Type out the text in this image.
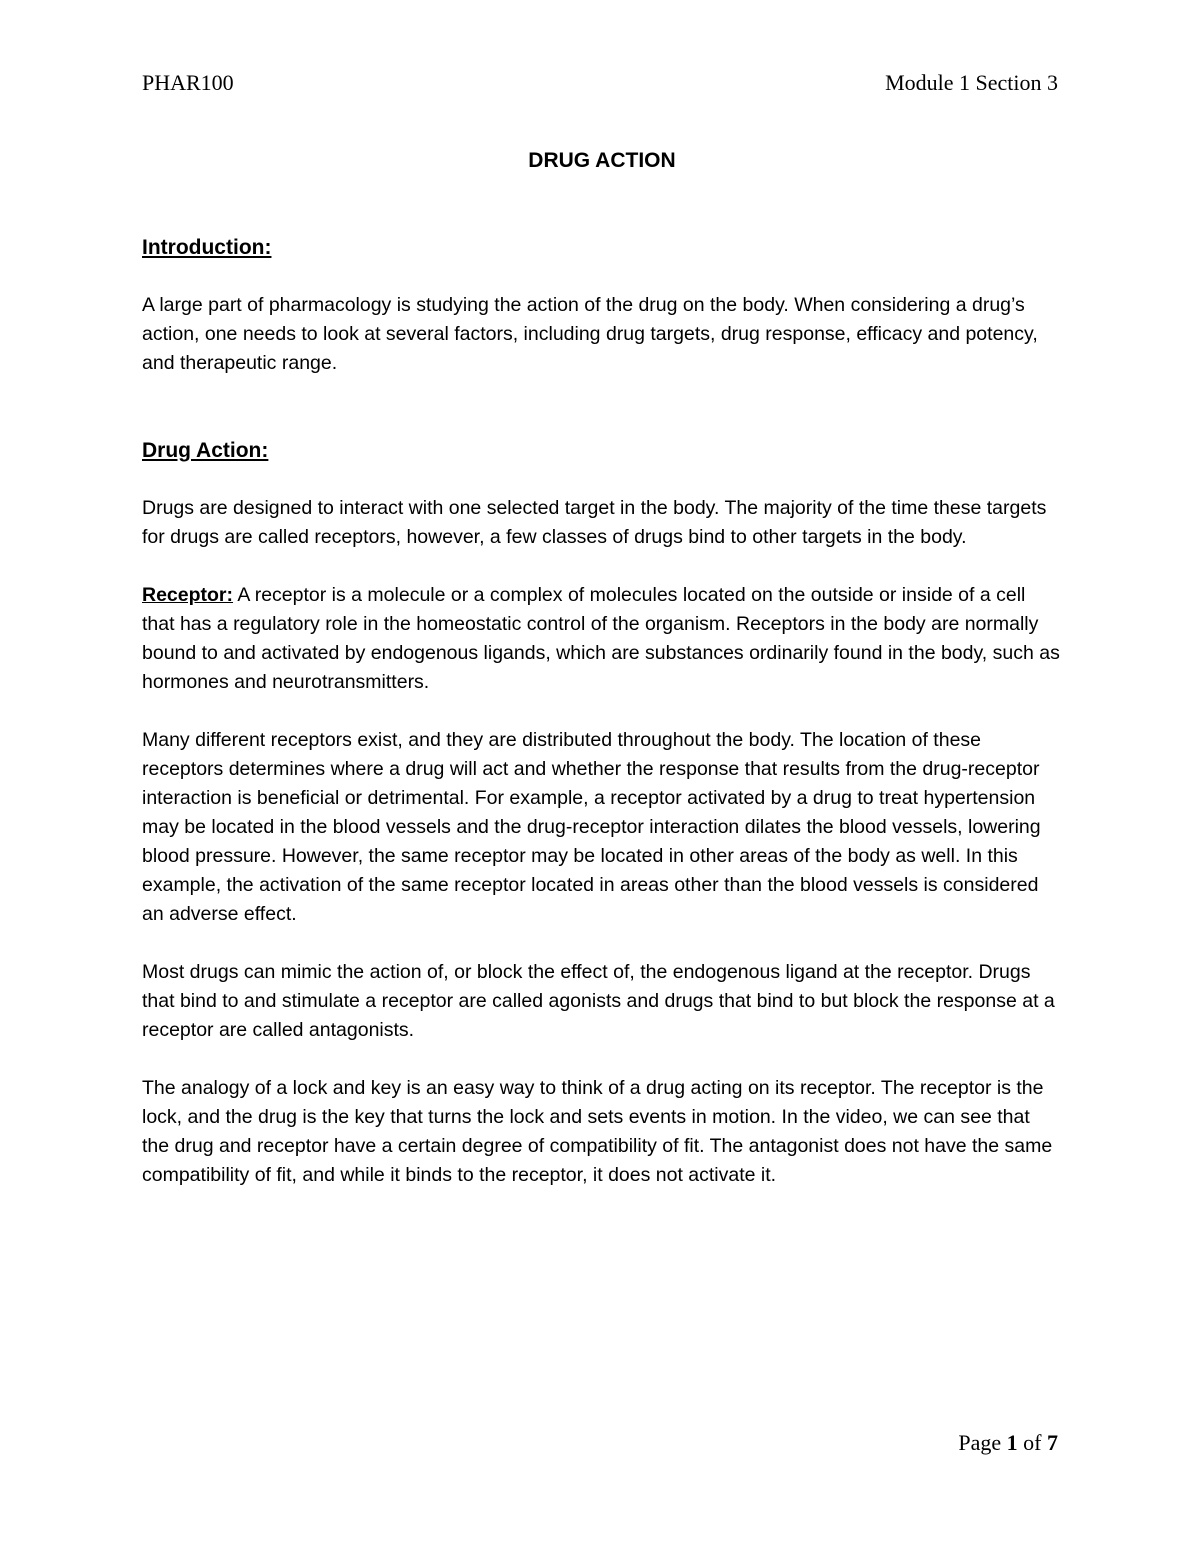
PHAR100	Module 1 Section 3
DRUG ACTION
Introduction:

A large part of pharmacology is studying the action of the drug on the body. When considering a drug’s action, one needs to look at several factors, including drug targets, drug response, efficacy and potency, and therapeutic range.

Drug Action:

Drugs are designed to interact with one selected target in the body. The majority of the time these targets for drugs are called receptors, however, a few classes of drugs bind to other targets in the body.

Receptor: A receptor is a molecule or a complex of molecules located on the outside or inside of a cell that has a regulatory role in the homeostatic control of the organism. Receptors in the body are normally bound to and activated by endogenous ligands, which are substances ordinarily found in the body, such as hormones and neurotransmitters.

Many different receptors exist, and they are distributed throughout the body. The location of these receptors determines where a drug will act and whether the response that results from the drug-receptor interaction is beneficial or detrimental. For example, a receptor activated by a drug to treat hypertension may be located in the blood vessels and the drug-receptor interaction dilates the blood vessels, lowering blood pressure. However, the same receptor may be located in other areas of the body as well. In this example, the activation of the same receptor located in areas other than the blood vessels is considered an adverse effect.

Most drugs can mimic the action of, or block the effect of, the endogenous ligand at the receptor. Drugs that bind to and stimulate a receptor are called agonists and drugs that bind to but block the response at a receptor are called antagonists.

The analogy of a lock and key is an easy way to think of a drug acting on its receptor. The receptor is the lock, and the drug is the key that turns the lock and sets events in motion. In the video, we can see that the drug and receptor have a certain degree of compatibility of fit. The antagonist does not have the same compatibility of fit, and while it binds to the receptor, it does not activate it.

Page 1 of 7
